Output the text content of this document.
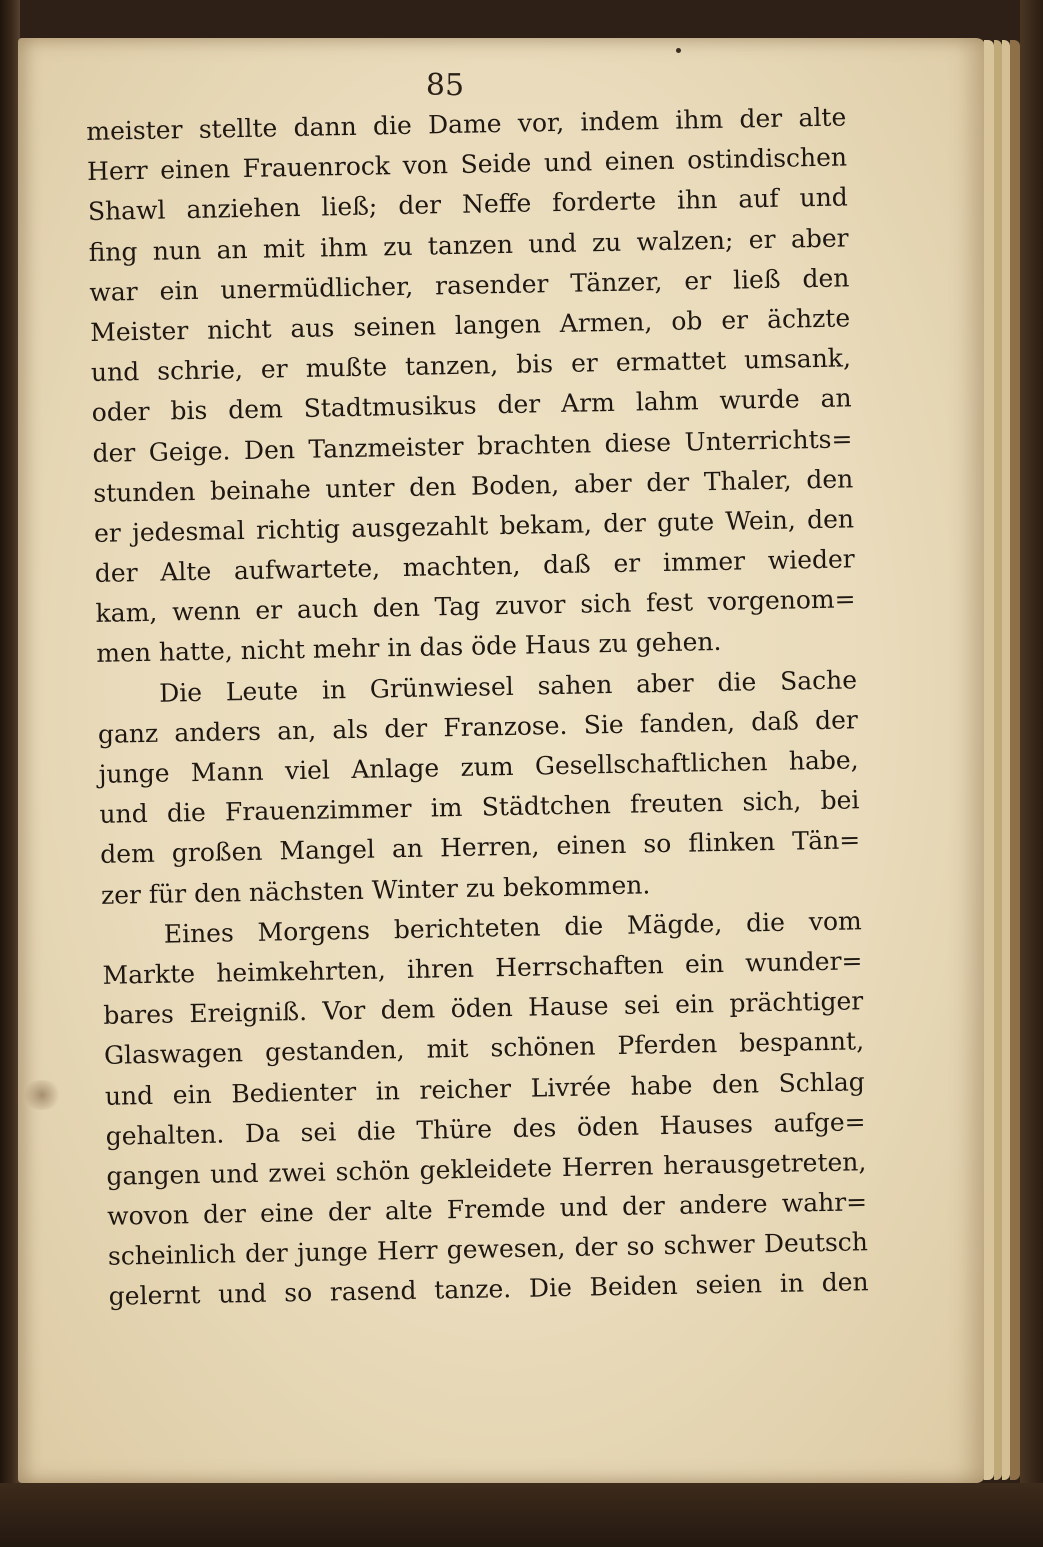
85
meister stellte dann die Dame vor, indem ihm der alte
Herr einen Frauenrock von Seide und einen ostindischen
Shawl anziehen ließ; der Neffe forderte ihn auf und
fing nun an mit ihm zu tanzen und zu walzen; er aber
war ein unermüdlicher, rasender Tänzer, er ließ den
Meister nicht aus seinen langen Armen, ob er ächzte
und schrie, er mußte tanzen, bis er ermattet umsank,
oder bis dem Stadtmusikus der Arm lahm wurde an
der Geige. Den Tanzmeister brachten diese Unterrichts=
stunden beinahe unter den Boden, aber der Thaler, den
er jedesmal richtig ausgezahlt bekam, der gute Wein, den
der Alte aufwartete, machten, daß er immer wieder
kam, wenn er auch den Tag zuvor sich fest vorgenom=
men hatte, nicht mehr in das öde Haus zu gehen.
Die Leute in Grünwiesel sahen aber die Sache
ganz anders an, als der Franzose. Sie fanden, daß der
junge Mann viel Anlage zum Gesellschaftlichen habe,
und die Frauenzimmer im Städtchen freuten sich, bei
dem großen Mangel an Herren, einen so flinken Tän=
zer für den nächsten Winter zu bekommen.
Eines Morgens berichteten die Mägde, die vom
Markte heimkehrten, ihren Herrschaften ein wunder=
bares Ereigniß. Vor dem öden Hause sei ein prächtiger
Glaswagen gestanden, mit schönen Pferden bespannt,
und ein Bedienter in reicher Livrée habe den Schlag
gehalten. Da sei die Thüre des öden Hauses aufge=
gangen und zwei schön gekleidete Herren herausgetreten,
wovon der eine der alte Fremde und der andere wahr=
scheinlich der junge Herr gewesen, der so schwer Deutsch
gelernt und so rasend tanze. Die Beiden seien in den
